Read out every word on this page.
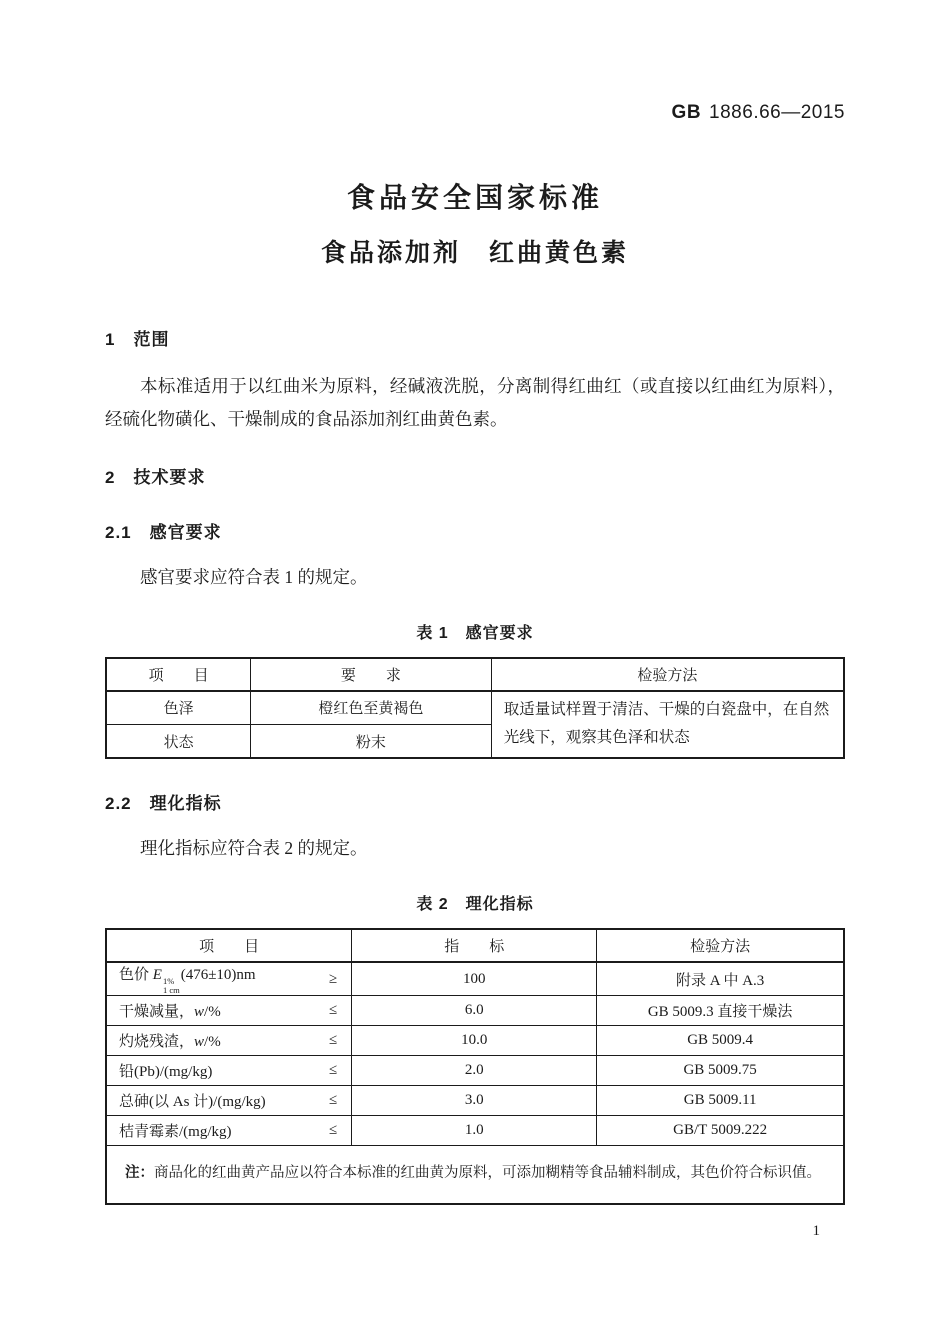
GB 1886.66—2015
食品安全国家标准
食品添加剂　红曲黄色素
1　范围

本标准适用于以红曲米为原料，经碱液洗脱，分离制得红曲红（或直接以红曲红为原料），经硫化物磺化、干燥制成的食品添加剂红曲黄色素。

2　技术要求
2.1　感官要求

感官要求应符合表 1 的规定。

表 1　感官要求
项　　目	要　　求	检验方法
色泽	橙红色至黄褐色	取适量试样置于清洁、干燥的白瓷盘中，在自然光线下，观察其色泽和状态
状态	粉末	
2.2　理化指标

理化指标应符合表 2 的规定。

表 2　理化指标
项　　目	指　　标	检验方法

色价 E 1%
1 cm
(476±10)nm ≥	100	附录 A 中 A.3

干燥减量，w/% ≤	6.0	GB 5009.3 直接干燥法

灼烧残渣，w/% ≤	10.0	GB 5009.4

铅(Pb)/(mg/kg) ≤	2.0	GB 5009.75

总砷(以 As 计)/(mg/kg) ≤	3.0	GB 5009.11

桔青霉素/(mg/kg) ≤	1.0	GB/T 5009.222
注：商品化的红曲黄产品应以符合本标准的红曲黄为原料，可添加糊精等食品辅料制成，其色价符合标识值。		
1
